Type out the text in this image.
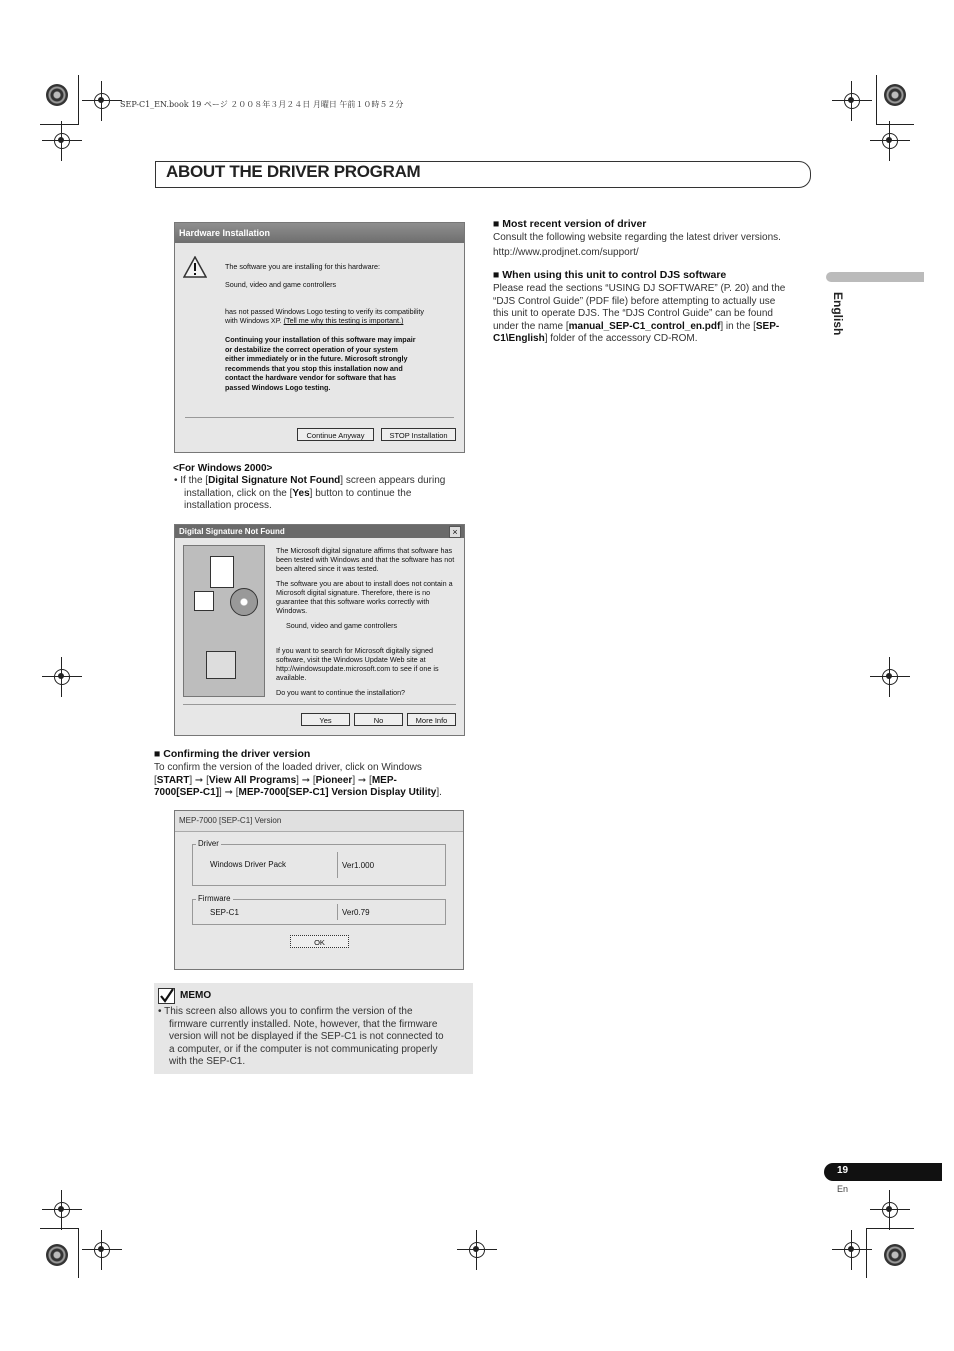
SEP-C1_EN.book 19 ページ ２００８年３月２４日 月曜日 午前１０時５２分
ABOUT THE DRIVER PROGRAM
Hardware Installation
The software you are installing for this hardware:
Sound, video and game controllers
has not passed Windows Logo testing to verify its compatibility
with Windows XP. (Tell me why this testing is important.)
Continuing your installation of this software may impair
or destabilize the correct operation of your system
either immediately or in the future. Microsoft strongly
recommends that you stop this installation now and
contact the hardware vendor for software that has
passed Windows Logo testing.
Continue Anyway	STOP Installation
<For Windows 2000>
• If the [Digital Signature Not Found] screen appears during
installation, click on the [Yes] button to continue the
installation process.
Digital Signature Not Found	×
The Microsoft digital signature affirms that software has
been tested with Windows and that the software has not
been altered since it was tested.
The software you are about to install does not contain a
Microsoft digital signature. Therefore, there is no
guarantee that this software works correctly with
Windows.
Sound, video and game controllers
If you want to search for Microsoft digitally signed
software, visit the Windows Update Web site at
http://windowsupdate.microsoft.com to see if one is
available.
Do you want to continue the installation?
Yes	No	More Info
■ Confirming the driver version
To confirm the version of the loaded driver, click on Windows
[START] ➞ [View All Programs] ➞ [Pioneer] ➞ [MEP-
7000[SEP-C1]] ➞ [MEP-7000[SEP-C1] Version Display Utility].
MEP-7000 [SEP-C1] Version
Driver
Windows Driver Pack	Ver1.000
Firmware
SEP-C1	Ver0.79
OK
MEMO
• This screen also allows you to confirm the version of the
firmware currently installed. Note, however, that the firmware
version will not be displayed if the SEP-C1 is not connected to
a computer, or if the computer is not communicating properly
with the SEP-C1.
■ Most recent version of driver
Consult the following website regarding the latest driver versions.
http://www.prodjnet.com/support/
■ When using this unit to control DJS software
Please read the sections “USING DJ SOFTWARE” (P. 20) and the
“DJS Control Guide” (PDF file) before attempting to actually use
this unit to operate DJS. The “DJS Control Guide” can be found
under the name [manual_SEP-C1_control_en.pdf] in the [SEP-
C1\English] folder of the accessory CD-ROM.
English
19
En
